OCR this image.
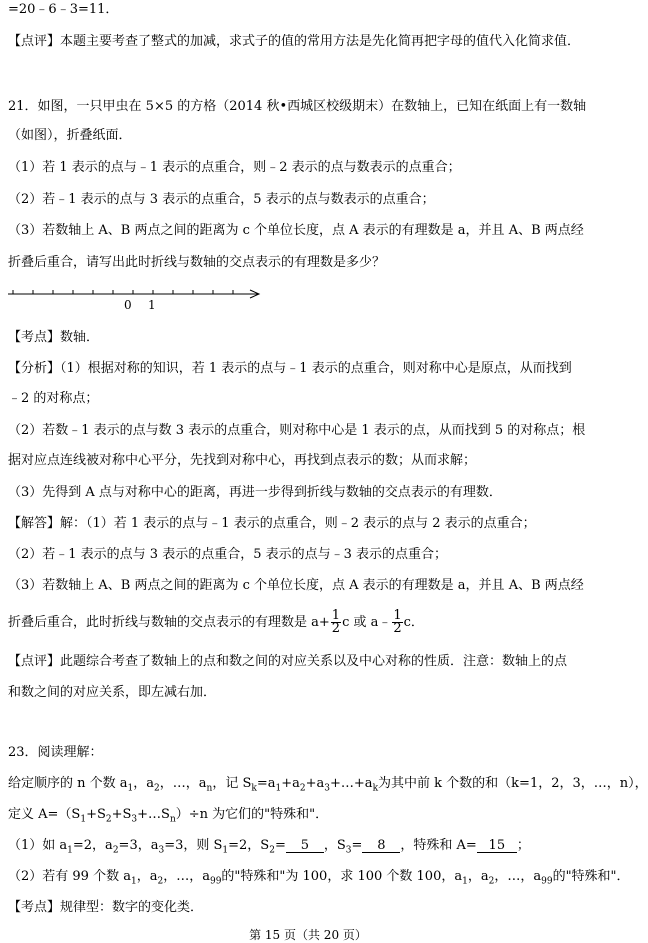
=20﹣6﹣3=11．
【点评】本题主要考查了整式的加减，求式子的值的常用方法是先化简再把字母的值代入化简求值．
21．如图，一只甲虫在 5×5 的方格（2014 秋•西城区校级期末）在数轴上，已知在纸面上有一数轴
（如图），折叠纸面．
（1）若 1 表示的点与﹣1 表示的点重合，则﹣2 表示的点与数表示的点重合；
（2）若﹣1 表示的点与 3 表示的点重合，5 表示的点与数表示的点重合；
（3）若数轴上 A、B 两点之间的距离为 c 个单位长度，点 A 表示的有理数是 a，并且 A、B 两点经
折叠后重合，请写出此时折线与数轴的交点表示的有理数是多少？
0 1
【考点】数轴．
【分析】（1）根据对称的知识，若 1 表示的点与﹣1 表示的点重合，则对称中心是原点，从而找到
﹣2 的对称点；
（2）若数﹣1 表示的点与数 3 表示的点重合，则对称中心是 1 表示的点，从而找到 5 的对称点；根
据对应点连线被对称中心平分，先找到对称中心，再找到点表示的数；从而求解；
（3）先得到 A 点与对称中心的距离，再进一步得到折线与数轴的交点表示的有理数．
【解答】解：（1）若 1 表示的点与﹣1 表示的点重合，则﹣2 表示的点与 2 表示的点重合；
（2）若﹣1 表示的点与 3 表示的点重合，5 表示的点与﹣3 表示的点重合；
（3）若数轴上 A、B 两点之间的距离为 c 个单位长度，点 A 表示的有理数是 a，并且 A、B 两点经
折叠后重合，此时折线与数轴的交点表示的有理数是 $a+ \frac{1}{2}$ c 或 a﹣ $\frac{1}{2}$ c．
【点评】此题综合考查了数轴上的点和数之间的对应关系以及中心对称的性质．注意：数轴上的点
和数之间的对应关系，即左减右加．
23．阅读理解：
给定顺序的 n 个数 $a_1$，$a_2$，…，$a_n$，记 $S_k=a_1+a_2+a_3+\dots+a_k$为其中前 k 个数的和（k=1，2，3，…，n），
定义 $A=(S_1+S_2+S_3+\dots S_n)\div n$ 为它们的"特殊和"．
（1）如 $a_1=2$，$a_2=3$，$a_3=3$，则 $S_1=2$，$S_2= 5$ ，$S_3= 8$ ，特殊和 A= 15 ；
（2）若有 99 个数 $a_1$，$a_2$，…，$a_{99}$的"特殊和"为 100，求 100 个数 100，$a_1$，$a_2$，…，$a_{99}$的"特殊和"．
【考点】规律型：数字的变化类．
第 15 页（共 20 页）
